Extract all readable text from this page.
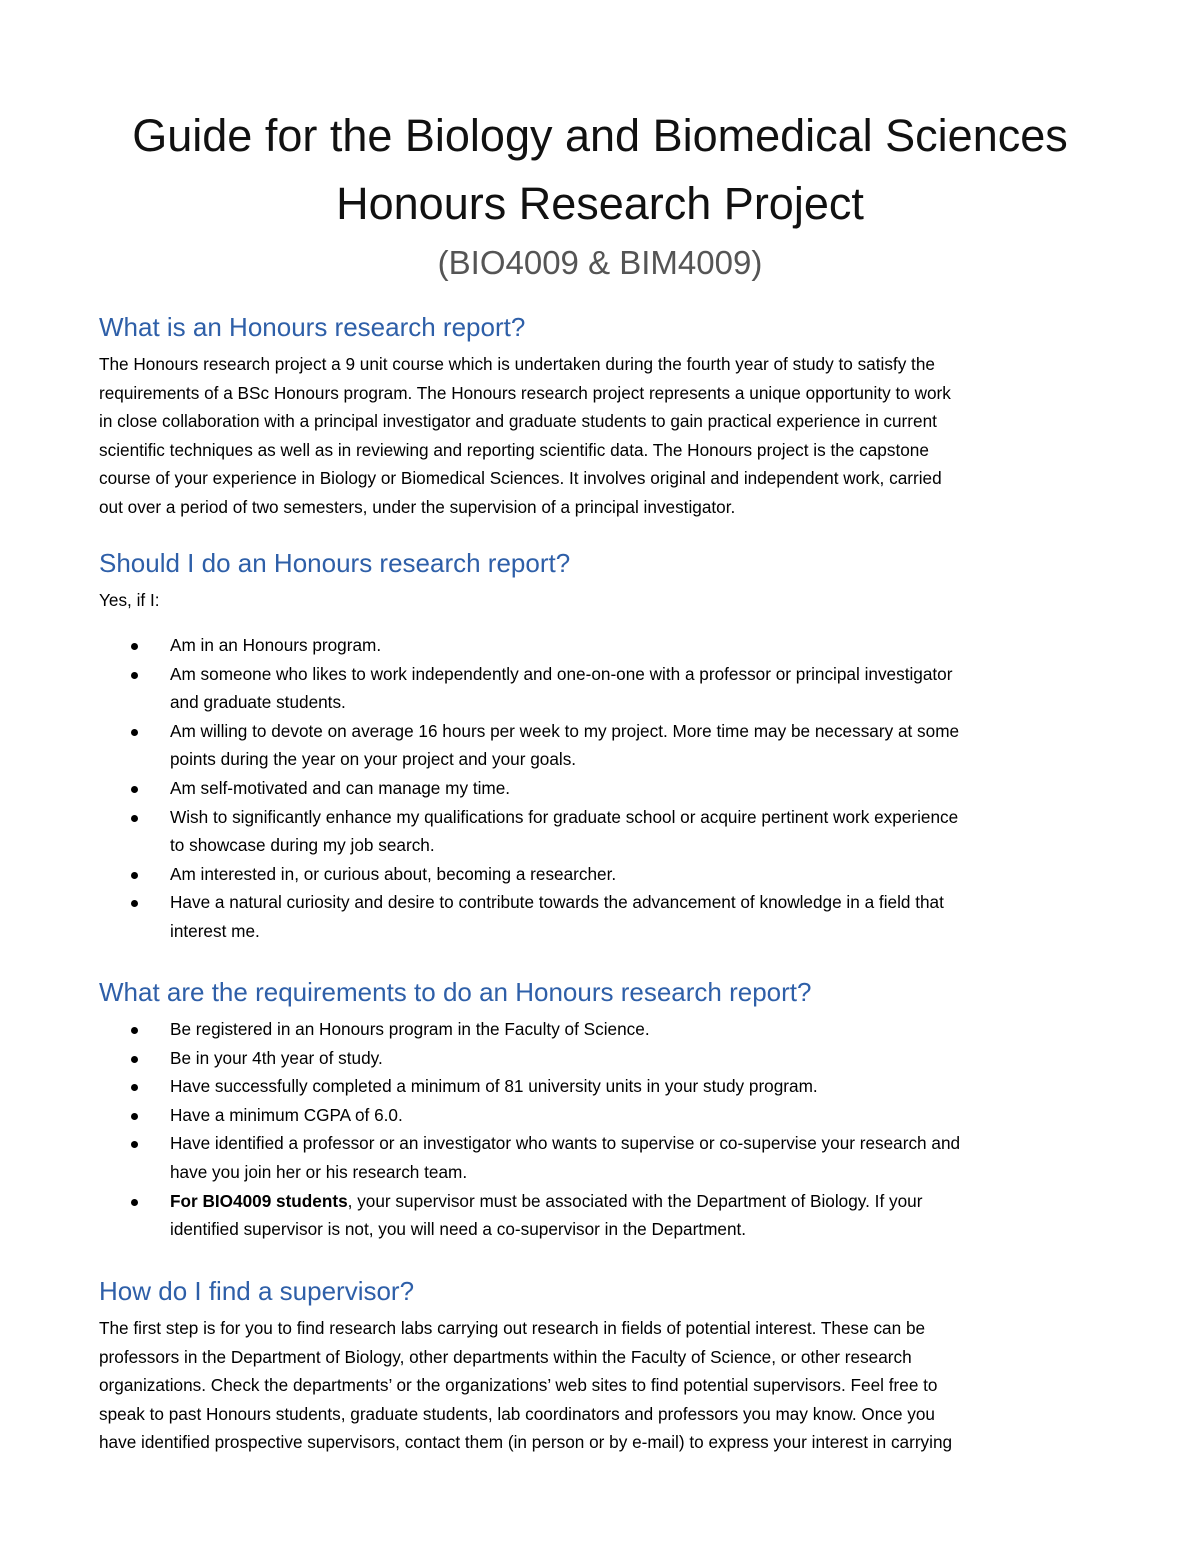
Guide for the Biology and Biomedical Sciences
Honours Research Project
(BIO4009 & BIM4009)
What is an Honours research report?
The Honours research project a 9 unit course which is undertaken during the fourth year of study to satisfy the
requirements of a BSc Honours program. The Honours research project represents a unique opportunity to work
in close collaboration with a principal investigator and graduate students to gain practical experience in current
scientific techniques as well as in reviewing and reporting scientific data. The Honours project is the capstone
course of your experience in Biology or Biomedical Sciences. It involves original and independent work, carried
out over a period of two semesters, under the supervision of a principal investigator.
Should I do an Honours research report?
Yes, if I:
Am in an Honours program.
Am someone who likes to work independently and one-on-one with a professor or principal investigator
and graduate students.
Am willing to devote on average 16 hours per week to my project. More time may be necessary at some
points during the year on your project and your goals.
Am self-motivated and can manage my time.
Wish to significantly enhance my qualifications for graduate school or acquire pertinent work experience
to showcase during my job search.
Am interested in, or curious about, becoming a researcher.
Have a natural curiosity and desire to contribute towards the advancement of knowledge in a field that
interest me.
What are the requirements to do an Honours research report?
Be registered in an Honours program in the Faculty of Science.
Be in your 4th year of study.
Have successfully completed a minimum of 81 university units in your study program.
Have a minimum CGPA of 6.0.
Have identified a professor or an investigator who wants to supervise or co-supervise your research and
have you join her or his research team.
For BIO4009 students, your supervisor must be associated with the Department of Biology. If your
identified supervisor is not, you will need a co-supervisor in the Department.
How do I find a supervisor?
The first step is for you to find research labs carrying out research in fields of potential interest. These can be
professors in the Department of Biology, other departments within the Faculty of Science, or other research
organizations. Check the departments’ or the organizations’ web sites to find potential supervisors. Feel free to
speak to past Honours students, graduate students, lab coordinators and professors you may know. Once you
have identified prospective supervisors, contact them (in person or by e-mail) to express your interest in carrying
